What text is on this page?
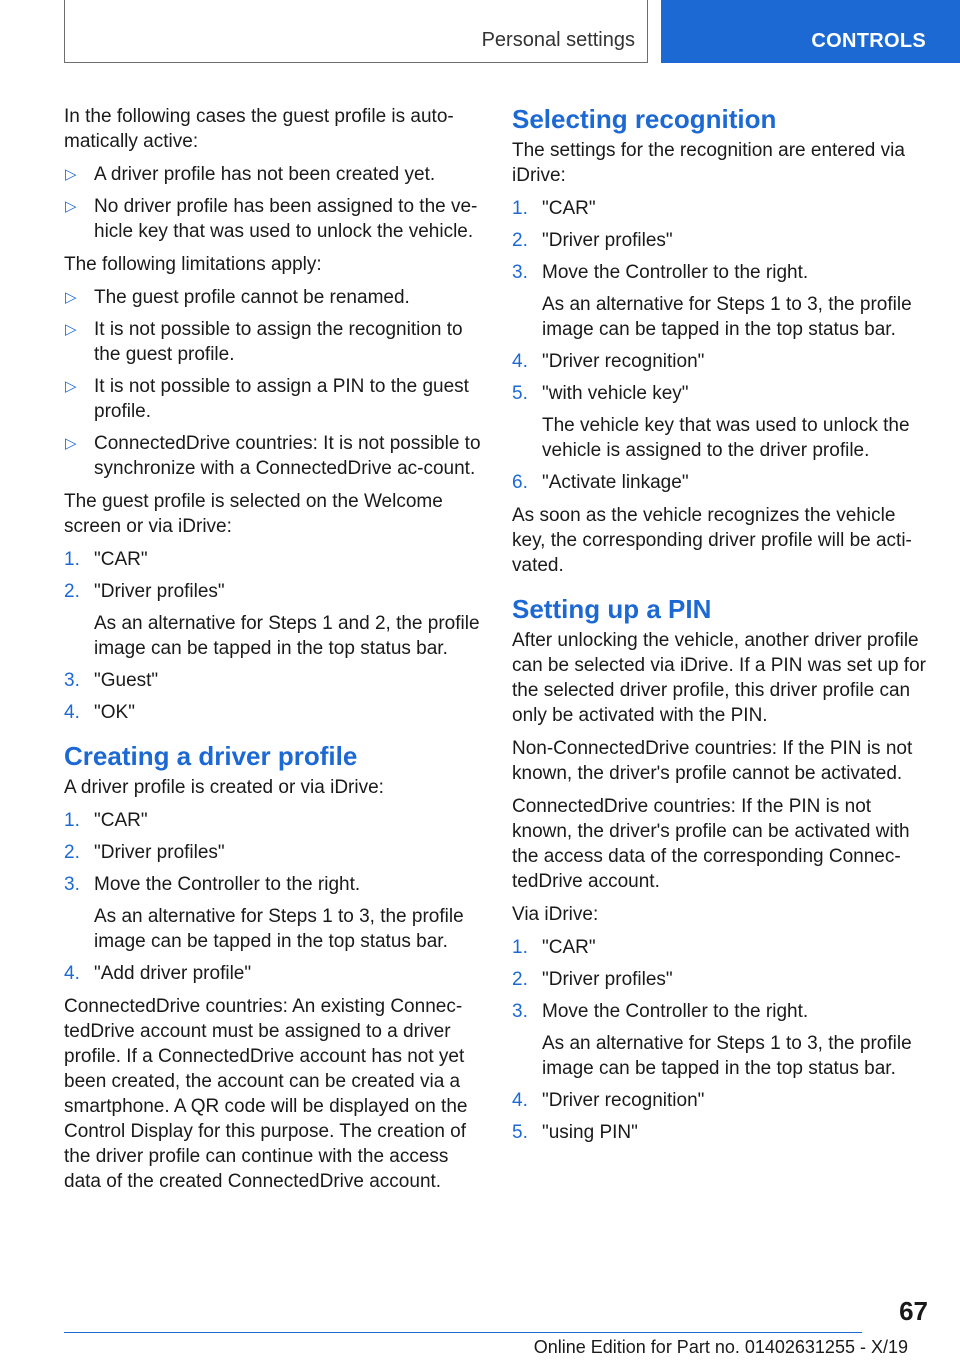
Personal settings	CONTROLS

In the following cases the guest profile is auto-matically active:

▷ A driver profile has not been created yet.
▷ No driver profile has been assigned to the ve-hicle key that was used to unlock the vehicle.

The following limitations apply:

▷ The guest profile cannot be renamed.
▷ It is not possible to assign the recognition to the guest profile.
▷ It is not possible to assign a PIN to the guest profile.
▷ ConnectedDrive countries: It is not possible to synchronize with a ConnectedDrive ac-count.

The guest profile is selected on the Welcome screen or via iDrive:

1. "CAR"
2. "Driver profiles"
As an alternative for Steps 1 and 2, the profile image can be tapped in the top status bar.
3. "Guest"
4. "OK"
Creating a driver profile

A driver profile is created or via iDrive:

1. "CAR"
2. "Driver profiles"
3. Move the Controller to the right.
As an alternative for Steps 1 to 3, the profile image can be tapped in the top status bar.
4. "Add driver profile"

ConnectedDrive countries: An existing Connec-tedDrive account must be assigned to a driver profile. If a ConnectedDrive account has not yet been created, the account can be created via a smartphone. A QR code will be displayed on the Control Display for this purpose. The creation of the driver profile can continue with the access data of the created ConnectedDrive account.

Selecting recognition

The settings for the recognition are entered via iDrive:

1. "CAR"
2. "Driver profiles"
3. Move the Controller to the right.
As an alternative for Steps 1 to 3, the profile image can be tapped in the top status bar.
4. "Driver recognition"
5. "with vehicle key"
The vehicle key that was used to unlock the vehicle is assigned to the driver profile.
6. "Activate linkage"

As soon as the vehicle recognizes the vehicle key, the corresponding driver profile will be acti-vated.

Setting up a PIN

After unlocking the vehicle, another driver profile can be selected via iDrive. If a PIN was set up for the selected driver profile, this driver profile can only be activated with the PIN.

Non-ConnectedDrive countries: If the PIN is not known, the driver's profile cannot be activated.

ConnectedDrive countries: If the PIN is not known, the driver's profile can be activated with the access data of the corresponding Connec-tedDrive account.

Via iDrive:

1. "CAR"
2. "Driver profiles"
3. Move the Controller to the right.
As an alternative for Steps 1 to 3, the profile image can be tapped in the top status bar.
4. "Driver recognition"
5. "using PIN"
67
Online Edition for Part no. 01402631255 - X/19
